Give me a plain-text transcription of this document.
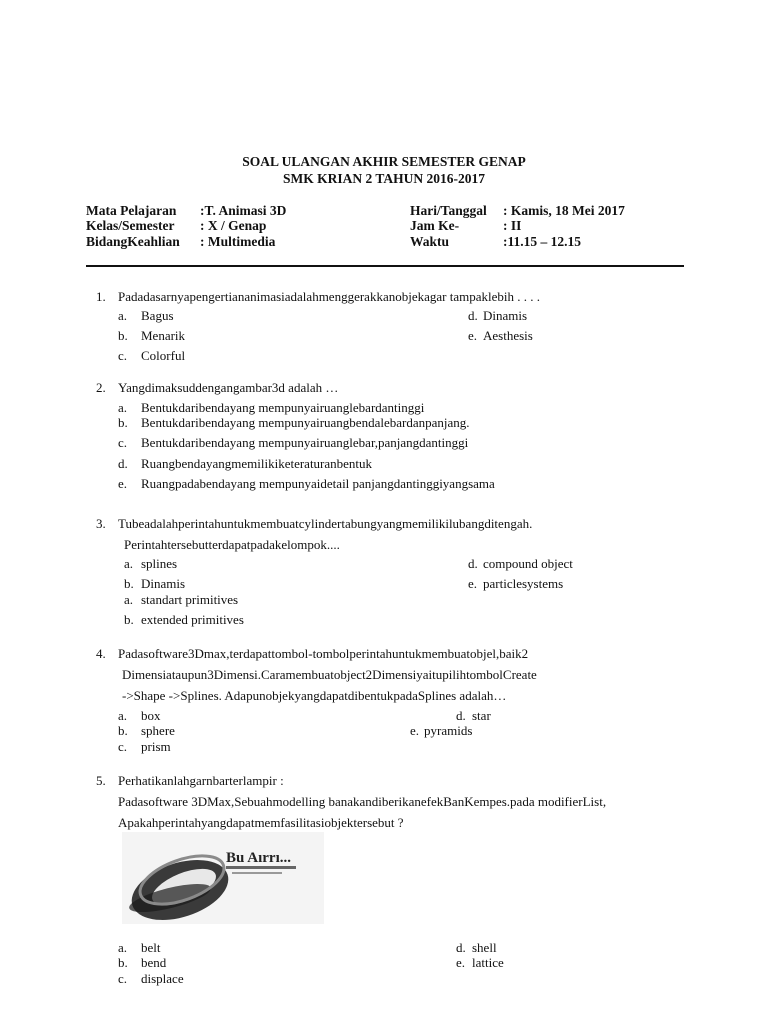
SOAL ULANGAN AKHIR SEMESTER GENAP
SMK KRIAN 2 TAHUN 2016-2017
Mata Pelajaran :T. Animasi 3D
Kelas/Semester : X / Genap
BidangKeahlian : Multimedia
Hari/Tanggal : Kamis, 18 Mei 2017
Jam Ke-	: II
Waktu	:11.15 – 12.15
1. Padadasarnyapengertiananimasiadalahmenggerakkanobjekagar tampaklebih . . . .
a. Bagus
b. Menarik
c. Colorful
d. Dinamis
e. Aesthesis
2. Yangdimaksuddengangambar3d adalah …
a. Bentukdaribendayang mempunyairuanglebardantinggi
b. Bentukdaribendayang mempunyairuangbendalebardanpanjang.
c. Bentukdaribendayang mempunyairuanglebar,panjangdantinggi
d. Ruangbendayangmemilikiketeraturanbentuk
e. Ruangpadabendayang mempunyaidetail panjangdantinggiyangsama
3. Tubeadalahperintahuntukmembuatcylindertabungyangmemilikilubangditengah.
Perintahtersebutterdapatpadakelompok....
a. splines
b. Dinamis
a. standart primitives
b. extended primitives
d. compound object
e. particlesystems
4. Padasoftware3Dmax,terdapattombol-tombolperintahuntukmembuatobjel,baik2
Dimensiataupun3Dimensi.Caramembuatobject2DimensiyaitupilihtombolCreate
->Shape ->Splines. AdapunobjekyangdapatdibentukpadaSplines adalah…
a. box
b. sphere
c. prism
d. star
e. pyramids
5. Perhatikanlahgarnbarterlampir :
Padasoftware 3DMax,Sebuahmodelling banakandiberikanefekBanKempes.pada modifierList,
Apakahperintahyangdapatmemfasilitasiobjektersebut ?
Bu Aırrı...
a. belt
b. bend
c. displace
d. shell
e. lattice
